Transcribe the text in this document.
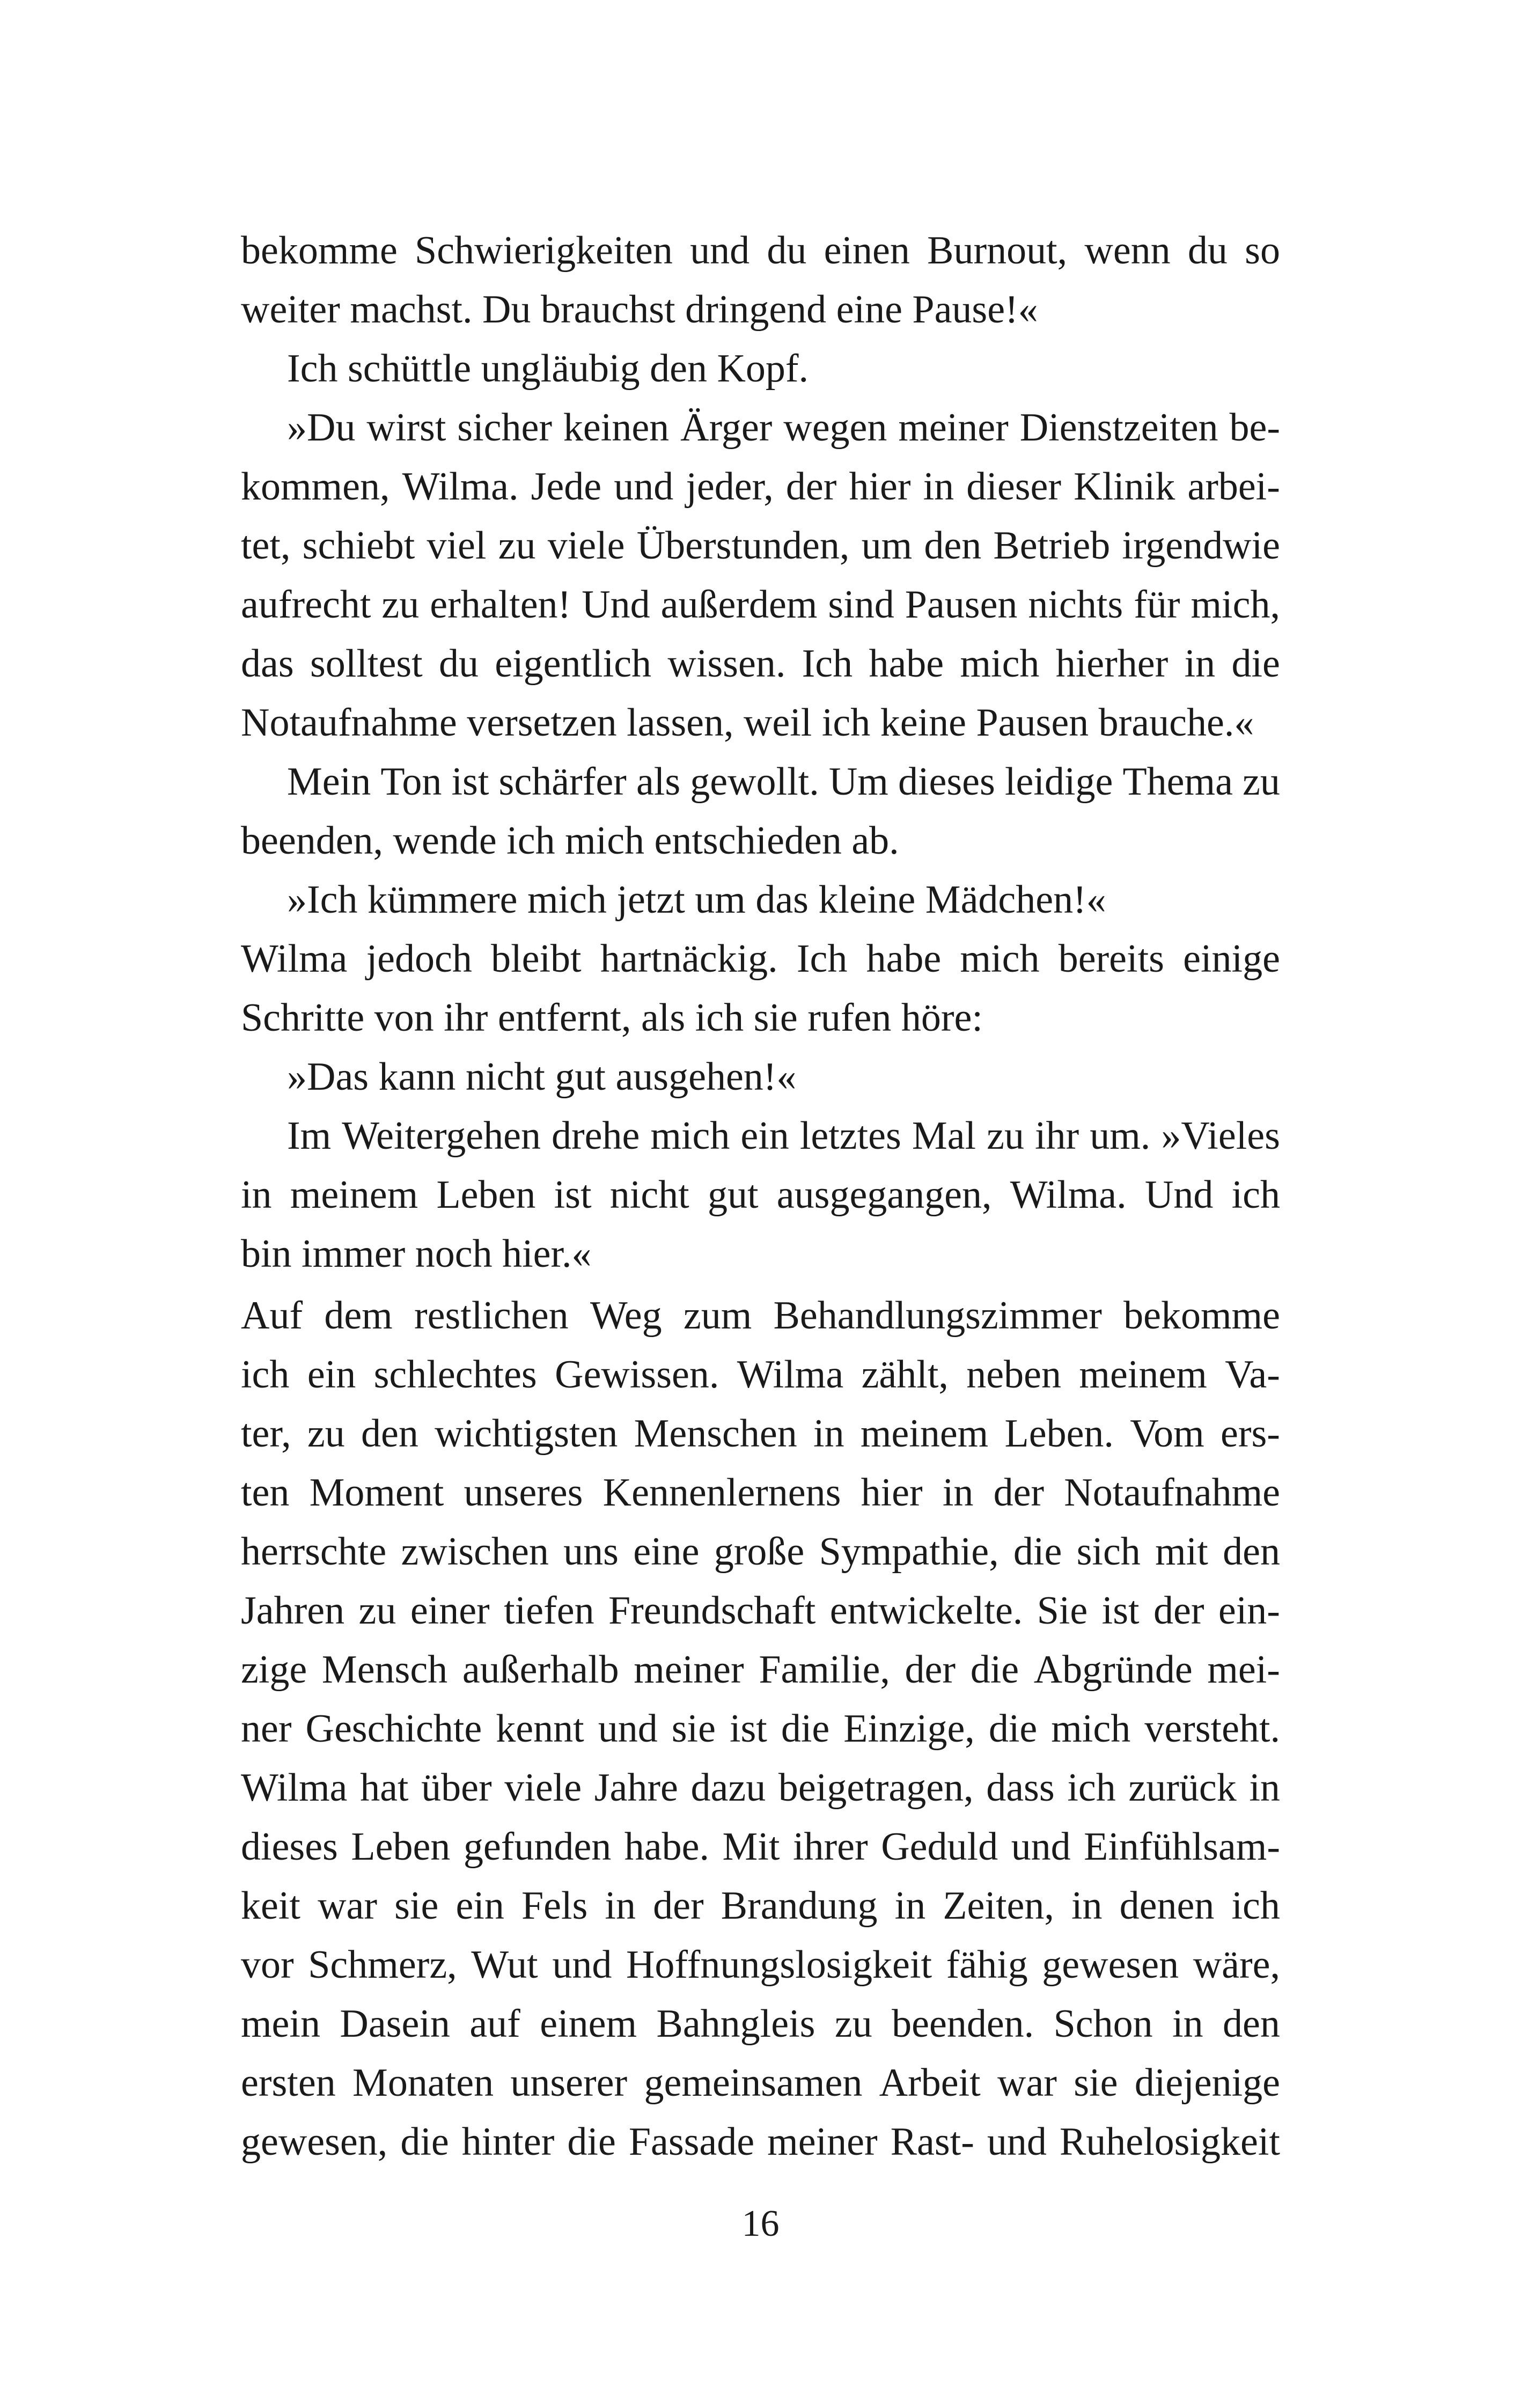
bekomme Schwierigkeiten und du einen Burnout, wenn du so
weiter machst. Du brauchst dringend eine Pause!«
Ich schüttle ungläubig den Kopf.
»Du wirst sicher keinen Ärger wegen meiner Dienstzeiten be-
kommen, Wilma. Jede und jeder, der hier in dieser Klinik arbei-
tet, schiebt viel zu viele Überstunden, um den Betrieb irgendwie
aufrecht zu erhalten! Und außerdem sind Pausen nichts für mich,
das solltest du eigentlich wissen. Ich habe mich hierher in die
Notaufnahme versetzen lassen, weil ich keine Pausen brauche.«
Mein Ton ist schärfer als gewollt. Um dieses leidige Thema zu
beenden, wende ich mich entschieden ab.
»Ich kümmere mich jetzt um das kleine Mädchen!«
Wilma jedoch bleibt hartnäckig. Ich habe mich bereits einige
Schritte von ihr entfernt, als ich sie rufen höre:
»Das kann nicht gut ausgehen!«
Im Weitergehen drehe mich ein letztes Mal zu ihr um. »Vieles
in meinem Leben ist nicht gut ausgegangen, Wilma. Und ich
bin immer noch hier.«
Auf dem restlichen Weg zum Behandlungszimmer bekomme
ich ein schlechtes Gewissen. Wilma zählt, neben meinem Va-
ter, zu den wichtigsten Menschen in meinem Leben. Vom ers-
ten Moment unseres Kennenlernens hier in der Notaufnahme
herrschte zwischen uns eine große Sympathie, die sich mit den
Jahren zu einer tiefen Freundschaft entwickelte. Sie ist der ein-
zige Mensch außerhalb meiner Familie, der die Abgründe mei-
ner Geschichte kennt und sie ist die Einzige, die mich versteht.
Wilma hat über viele Jahre dazu beigetragen, dass ich zurück in
dieses Leben gefunden habe. Mit ihrer Geduld und Einfühlsam-
keit war sie ein Fels in der Brandung in Zeiten, in denen ich
vor Schmerz, Wut und Hoffnungslosigkeit fähig gewesen wäre,
mein Dasein auf einem Bahngleis zu beenden. Schon in den
ersten Monaten unserer gemeinsamen Arbeit war sie diejenige
gewesen, die hinter die Fassade meiner Rast- und Ruhelosigkeit
16
